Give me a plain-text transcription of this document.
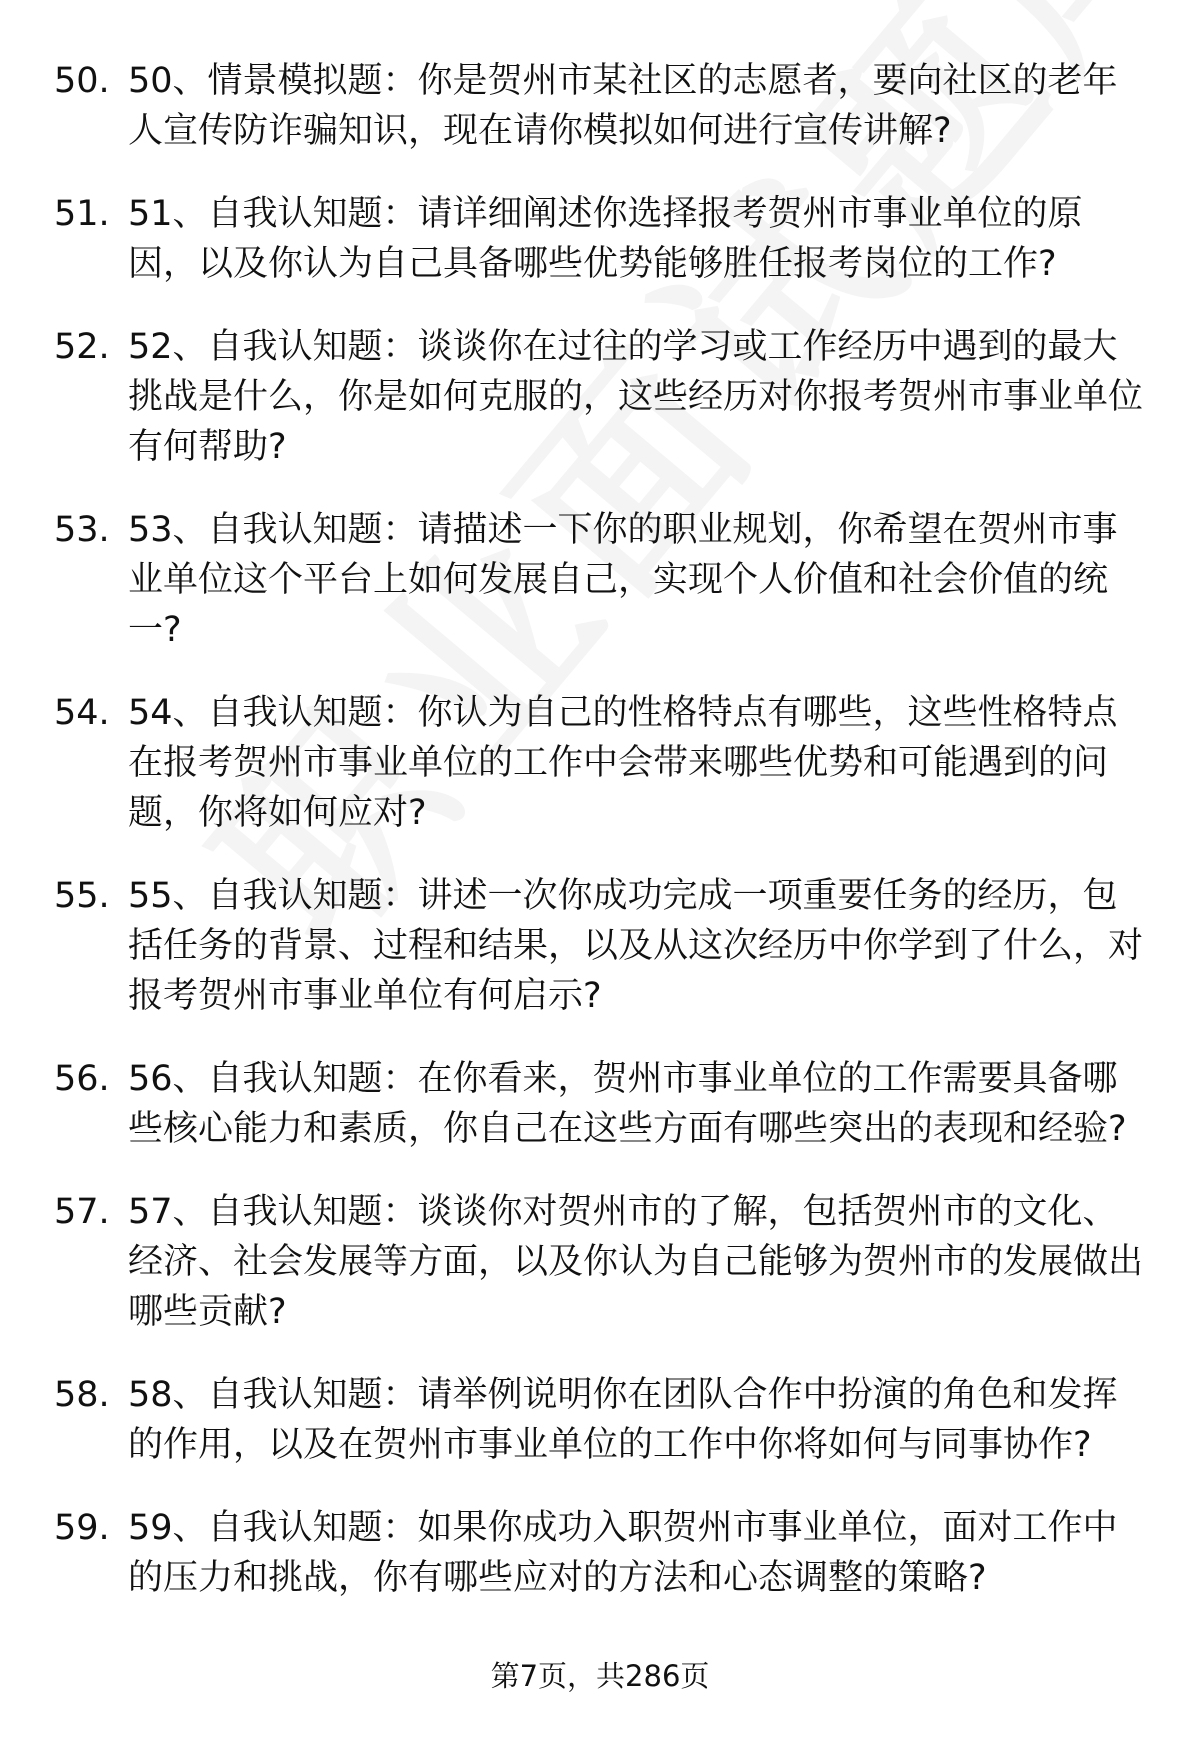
50. 50、情景模拟题：你是贺州市某社区的志愿者，要向社区的老年人宣传防诈骗知识，现在请你模拟如何进行宣传讲解?
51. 51、自我认知题：请详细阐述你选择报考贺州市事业单位的原因，以及你认为自己具备哪些优势能够胜任报考岗位的工作?
52. 52、自我认知题：谈谈你在过往的学习或工作经历中遇到的最大挑战是什么，你是如何克服的，这些经历对你报考贺州市事业单位有何帮助?
53. 53、自我认知题：请描述一下你的职业规划，你希望在贺州市事业单位这个平台上如何发展自己，实现个人价值和社会价值的统一?
54. 54、自我认知题：你认为自己的性格特点有哪些，这些性格特点在报考贺州市事业单位的工作中会带来哪些优势和可能遇到的问题，你将如何应对?
55. 55、自我认知题：讲述一次你成功完成一项重要任务的经历，包括任务的背景、过程和结果，以及从这次经历中你学到了什么，对报考贺州市事业单位有何启示?
56. 56、自我认知题：在你看来，贺州市事业单位的工作需要具备哪些核心能力和素质，你自己在这些方面有哪些突出的表现和经验?
57. 57、自我认知题：谈谈你对贺州市的了解，包括贺州市的文化、经济、社会发展等方面，以及你认为自己能够为贺州市的发展做出哪些贡献?
58. 58、自我认知题：请举例说明你在团队合作中扮演的角色和发挥的作用，以及在贺州市事业单位的工作中你将如何与同事协作?
59. 59、自我认知题：如果你成功入职贺州市事业单位，面对工作中的压力和挑战，你有哪些应对的方法和心态调整的策略?
第7页，共286页
